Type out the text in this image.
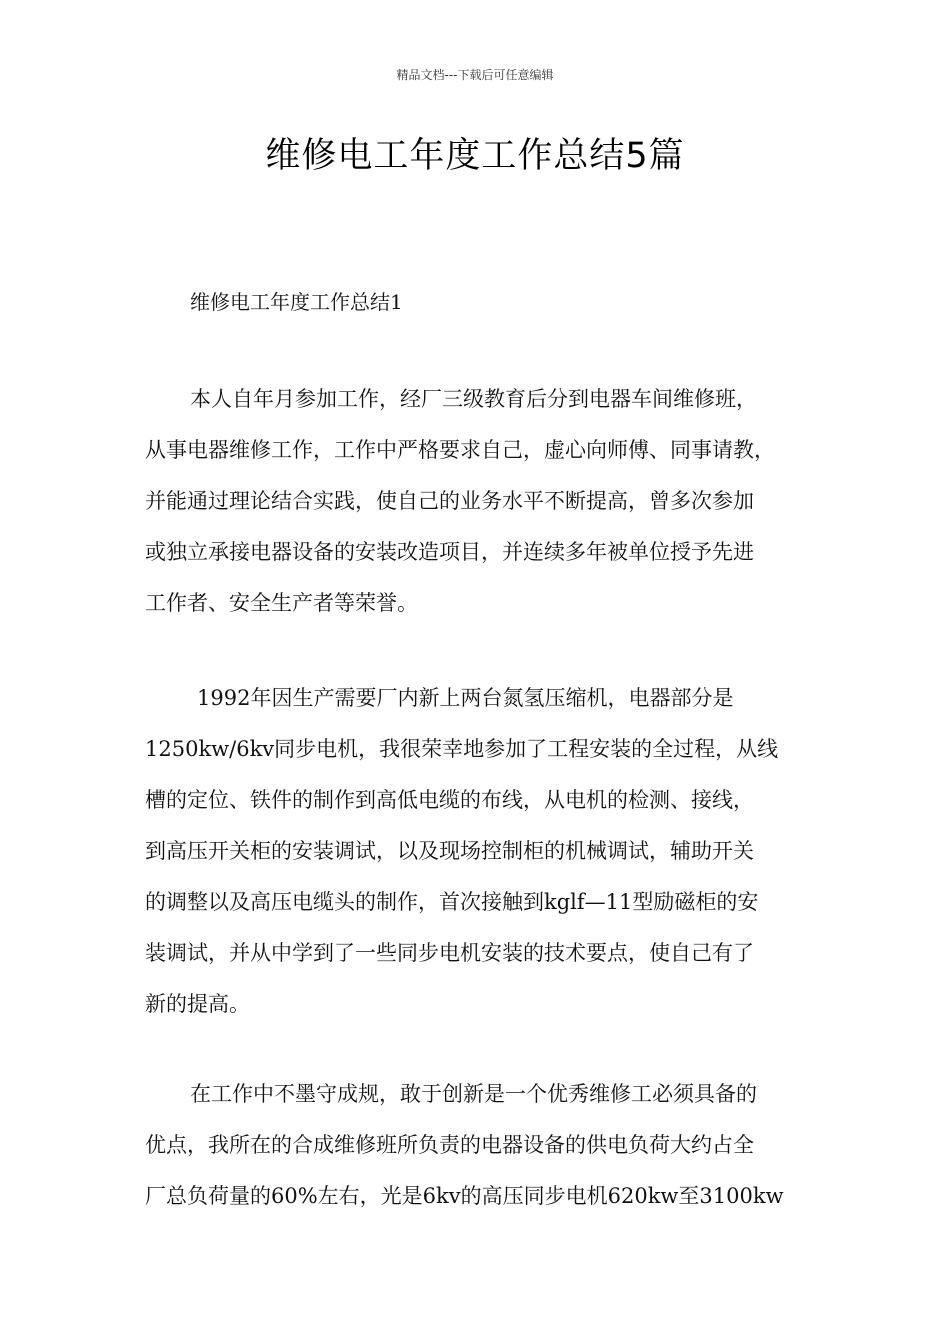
精品文档---下载后可任意编辑
维修电工年度工作总结5篇
维修电工年度工作总结1
本人自年月参加工作，经厂三级教育后分到电器车间维修班，
从事电器维修工作，工作中严格要求自己，虚心向师傅、同事请教，
并能通过理论结合实践，使自己的业务水平不断提高，曾多次参加
或独立承接电器设备的安装改造项目，并连续多年被单位授予先进
工作者、安全生产者等荣誉。
1992年因生产需要厂内新上两台氮氢压缩机，电器部分是
1250kw/6kv同步电机，我很荣幸地参加了工程安装的全过程，从线
槽的定位、铁件的制作到高低电缆的布线，从电机的检测、接线，
到高压开关柜的安装调试，以及现场控制柜的机械调试，辅助开关
的调整以及高压电缆头的制作，首次接触到kglf—11型励磁柜的安
装调试，并从中学到了一些同步电机安装的技术要点，使自己有了
新的提高。
在工作中不墨守成规，敢于创新是一个优秀维修工必须具备的
优点，我所在的合成维修班所负责的电器设备的供电负荷大约占全
厂总负荷量的60%左右，光是6kv的高压同步电机620kw至3100kw
